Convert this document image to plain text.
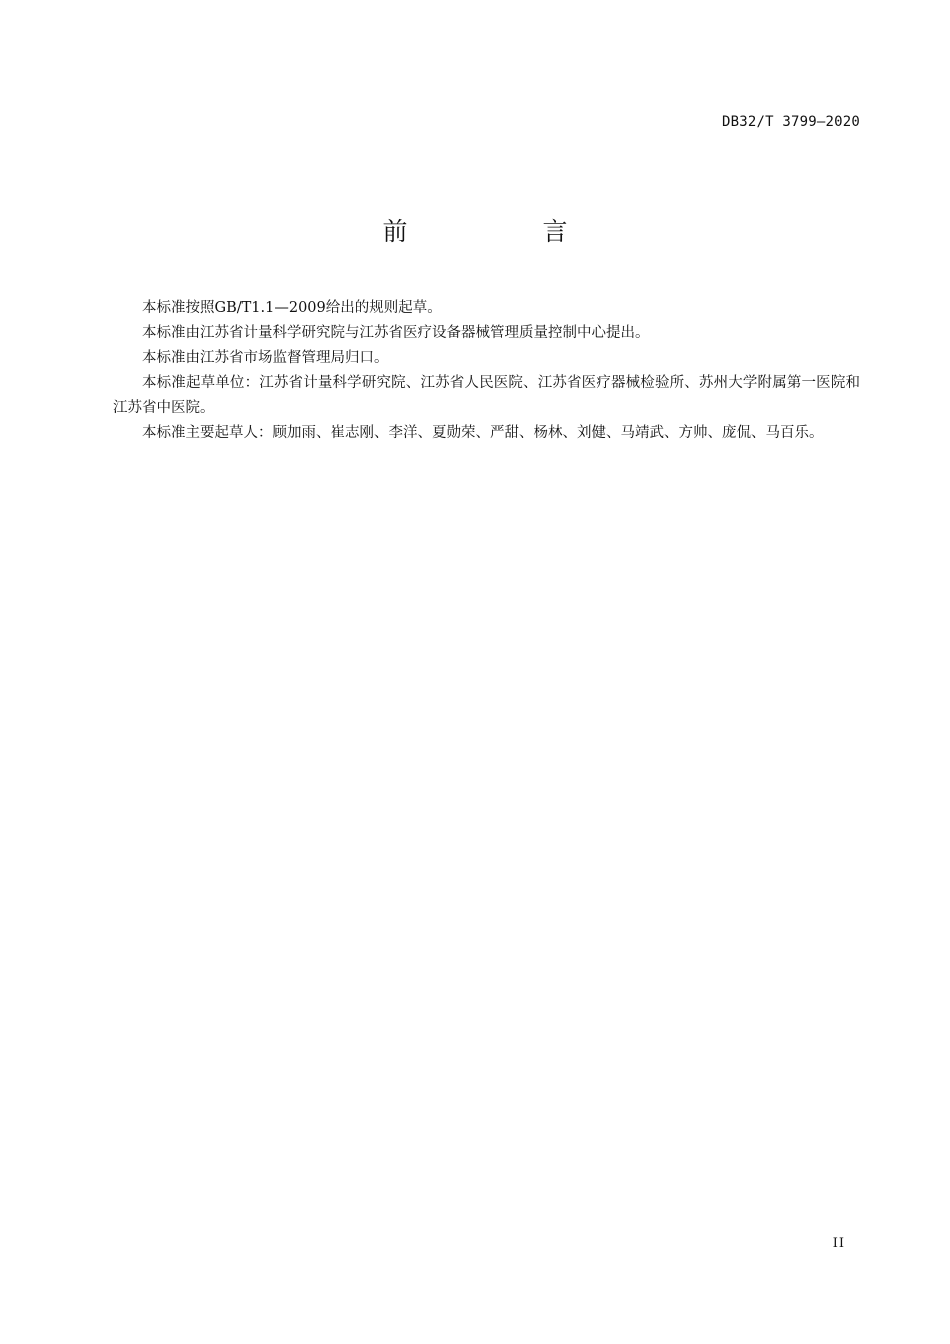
DB32/T 3799—2020
前　言

本标准按照GB/T1.1—2009给出的规则起草。

本标准由江苏省计量科学研究院与江苏省医疗设备器械管理质量控制中心提出。

本标准由江苏省市场监督管理局归口。

本标准起草单位：江苏省计量科学研究院、江苏省人民医院、江苏省医疗器械检验所、苏州大学附属第一医院和江苏省中医院。

本标准主要起草人：顾加雨、崔志刚、李洋、夏勋荣、严甜、杨林、刘健、马靖武、方帅、庞侃、马百乐。

II
